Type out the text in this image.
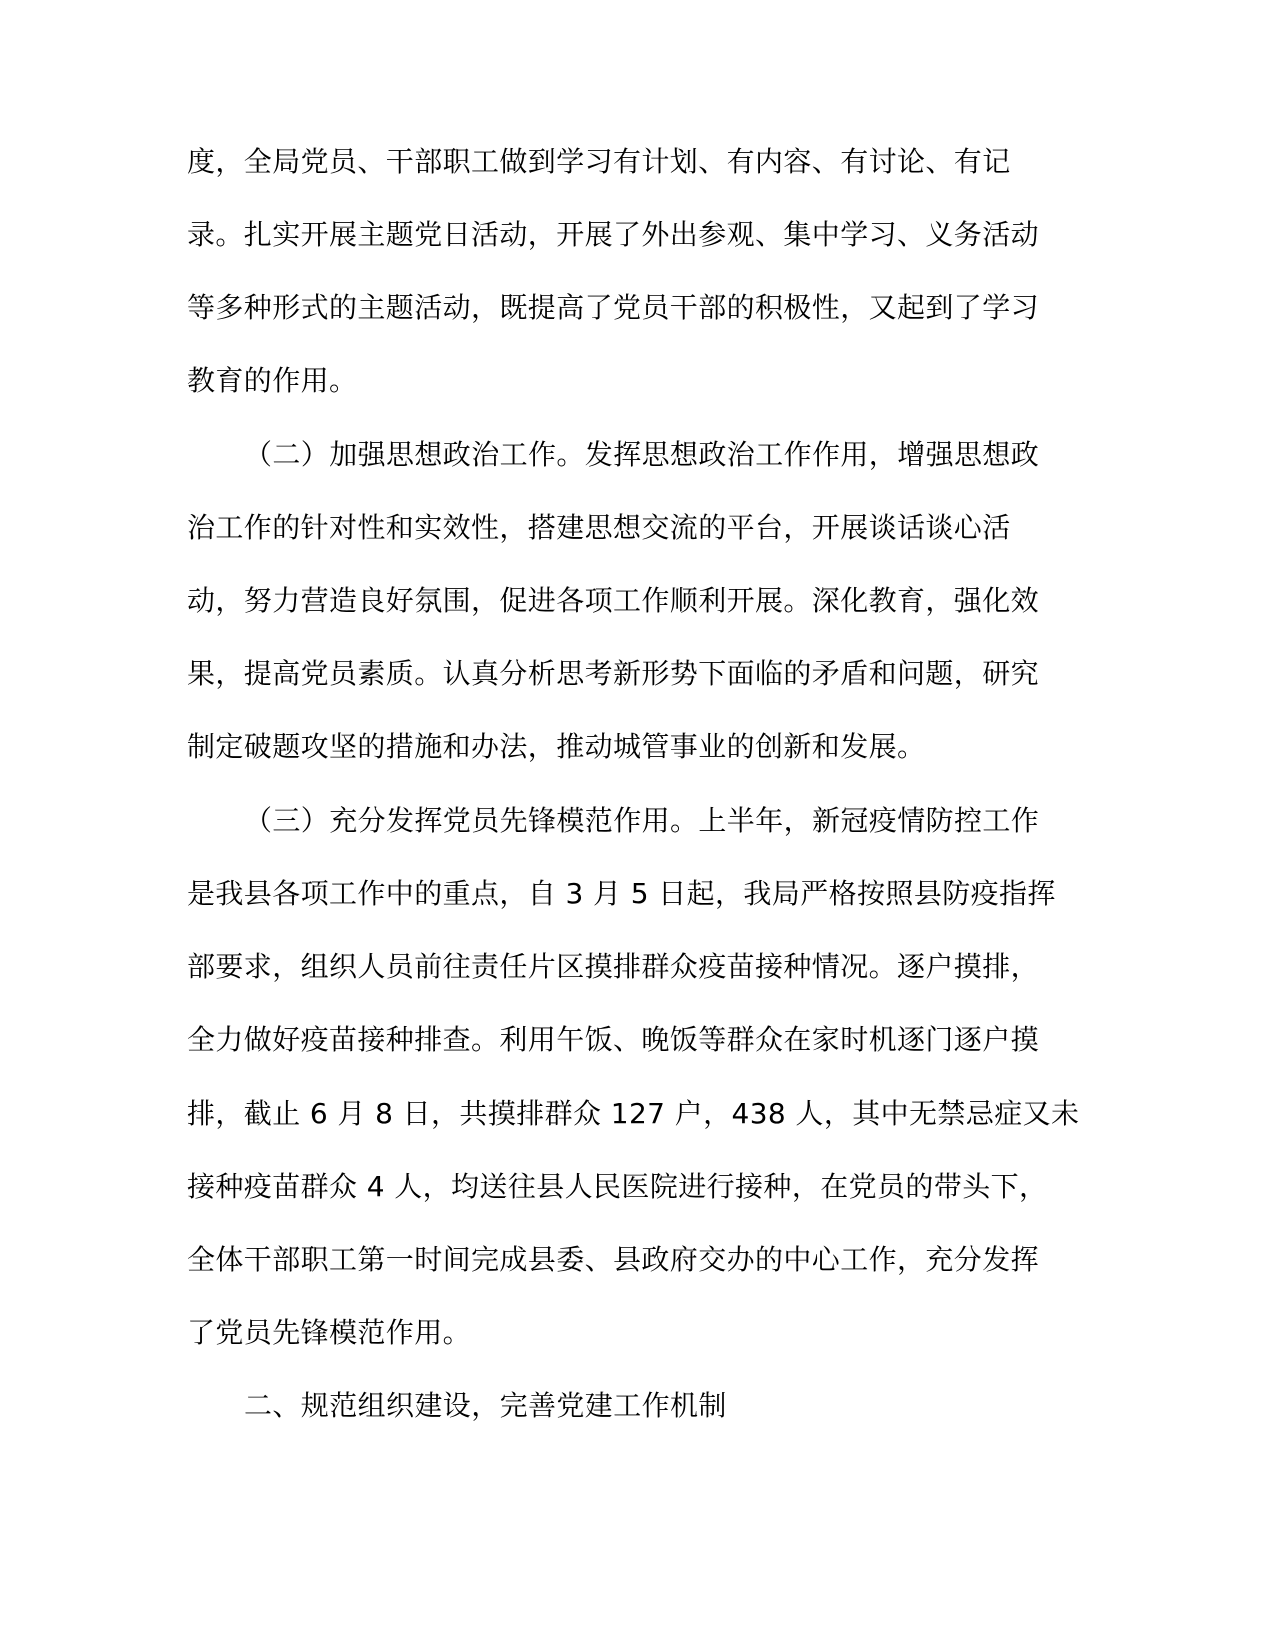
度，全局党员、干部职工做到学习有计划、有内容、有讨论、有记
录。扎实开展主题党日活动，开展了外出参观、集中学习、义务活动
等多种形式的主题活动，既提高了党员干部的积极性，又起到了学习
教育的作用。
（二）加强思想政治工作。发挥思想政治工作作用，增强思想政
治工作的针对性和实效性，搭建思想交流的平台，开展谈话谈心活
动，努力营造良好氛围，促进各项工作顺利开展。深化教育，强化效
果，提高党员素质。认真分析思考新形势下面临的矛盾和问题，研究
制定破题攻坚的措施和办法，推动城管事业的创新和发展。
（三）充分发挥党员先锋模范作用。上半年，新冠疫情防控工作
是我县各项工作中的重点，自 3 月 5 日起，我局严格按照县防疫指挥
部要求，组织人员前往责任片区摸排群众疫苗接种情况。逐户摸排，
全力做好疫苗接种排查。利用午饭、晚饭等群众在家时机逐门逐户摸
排，截止 6 月 8 日，共摸排群众 127 户，438 人，其中无禁忌症又未
接种疫苗群众 4 人，均送往县人民医院进行接种，在党员的带头下，
全体干部职工第一时间完成县委、县政府交办的中心工作，充分发挥
了党员先锋模范作用。
二、规范组织建设，完善党建工作机制
